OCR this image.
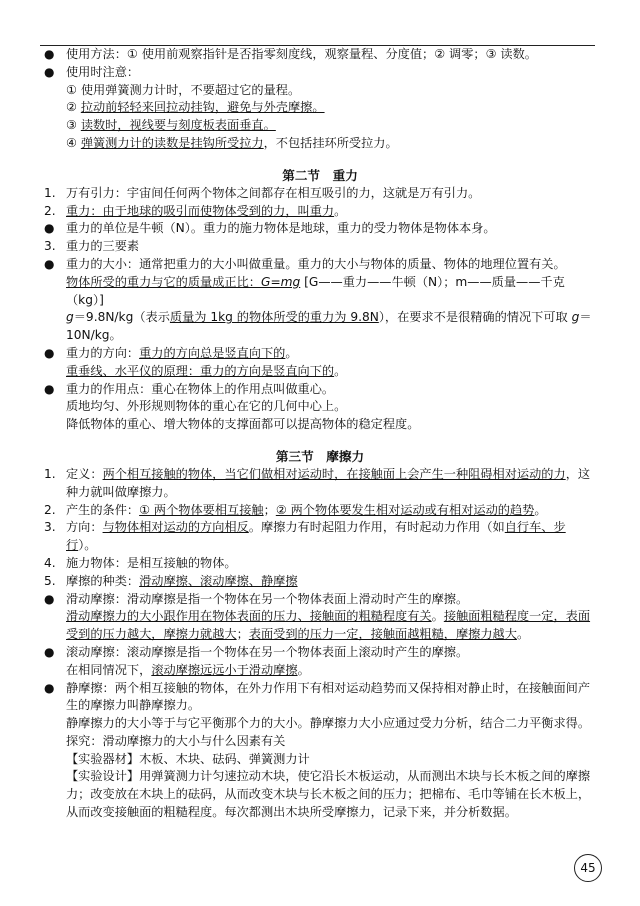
● 使用方法：① 使用前观察指针是否指零刻度线，观察量程、分度值；② 调零；③ 读数。
● 使用时注意：
① 使用弹簧测力计时，不要超过它的量程。
② 拉动前轻轻来回拉动挂钩，避免与外壳摩擦。
③ 读数时，视线要与刻度板表面垂直。
④ 弹簧测力计的读数是挂钩所受拉力，不包括挂环所受拉力。
第二节　重力
1. 万有引力：宇宙间任何两个物体之间都存在相互吸引的力，这就是万有引力。
2. 重力：由于地球的吸引而使物体受到的力，叫重力。
● 重力的单位是牛顿（N）。重力的施力物体是地球，重力的受力物体是物体本身。
3. 重力的三要素
● 重力的大小：通常把重力的大小叫做重量。重力的大小与物体的质量、物体的地理位置有关。
物体所受的重力与它的质量成正比：G=mg [G——重力——牛顿（N）；m——质量——千克（kg）]
g＝9.8N/kg（表示质量为 1kg 的物体所受的重力为 9.8N），在要求不是很精确的情况下可取 g＝10N/kg。
● 重力的方向：重力的方向总是竖直向下的。
重垂线、水平仪的原理：重力的方向是竖直向下的。
● 重力的作用点：重心在物体上的作用点叫做重心。
质地均匀、外形规则物体的重心在它的几何中心上。
降低物体的重心、增大物体的支撑面都可以提高物体的稳定程度。
第三节　摩擦力
1. 定义：两个相互接触的物体，当它们做相对运动时，在接触面上会产生一种阻碍相对运动的力，这种力就叫做摩擦力。
2. 产生的条件：① 两个物体要相互接触；② 两个物体要发生相对运动或有相对运动的趋势。
3. 方向：与物体相对运动的方向相反。摩擦力有时起阻力作用，有时起动力作用（如自行车、步行）。
4. 施力物体：是相互接触的物体。
5. 摩擦的种类：滑动摩擦、滚动摩擦、静摩擦
● 滑动摩擦：滑动摩擦是指一个物体在另一个物体表面上滑动时产生的摩擦。
滑动摩擦力的大小跟作用在物体表面的压力、接触面的粗糙程度有关。接触面粗糙程度一定，表面受到的压力越大，摩擦力就越大；表面受到的压力一定，接触面越粗糙，摩擦力越大。
● 滚动摩擦：滚动摩擦是指一个物体在另一个物体表面上滚动时产生的摩擦。
在相同情况下，滚动摩擦远远小于滑动摩擦。
● 静摩擦：两个相互接触的物体，在外力作用下有相对运动趋势而又保持相对静止时，在接触面间产生的摩擦力叫静摩擦力。
静摩擦力的大小等于与它平衡那个力的大小。静摩擦力大小应通过受力分析，结合二力平衡求得。
探究：滑动摩擦力的大小与什么因素有关
【实验器材】木板、木块、砝码、弹簧测力计
【实验设计】用弹簧测力计匀速拉动木块，使它沿长木板运动，从而测出木块与长木板之间的摩擦力；改变放在木块上的砝码，从而改变木块与长木板之间的压力；把棉布、毛巾等铺在长木板上，从而改变接触面的粗糙程度。每次都测出木块所受摩擦力，记录下来，并分析数据。
45
